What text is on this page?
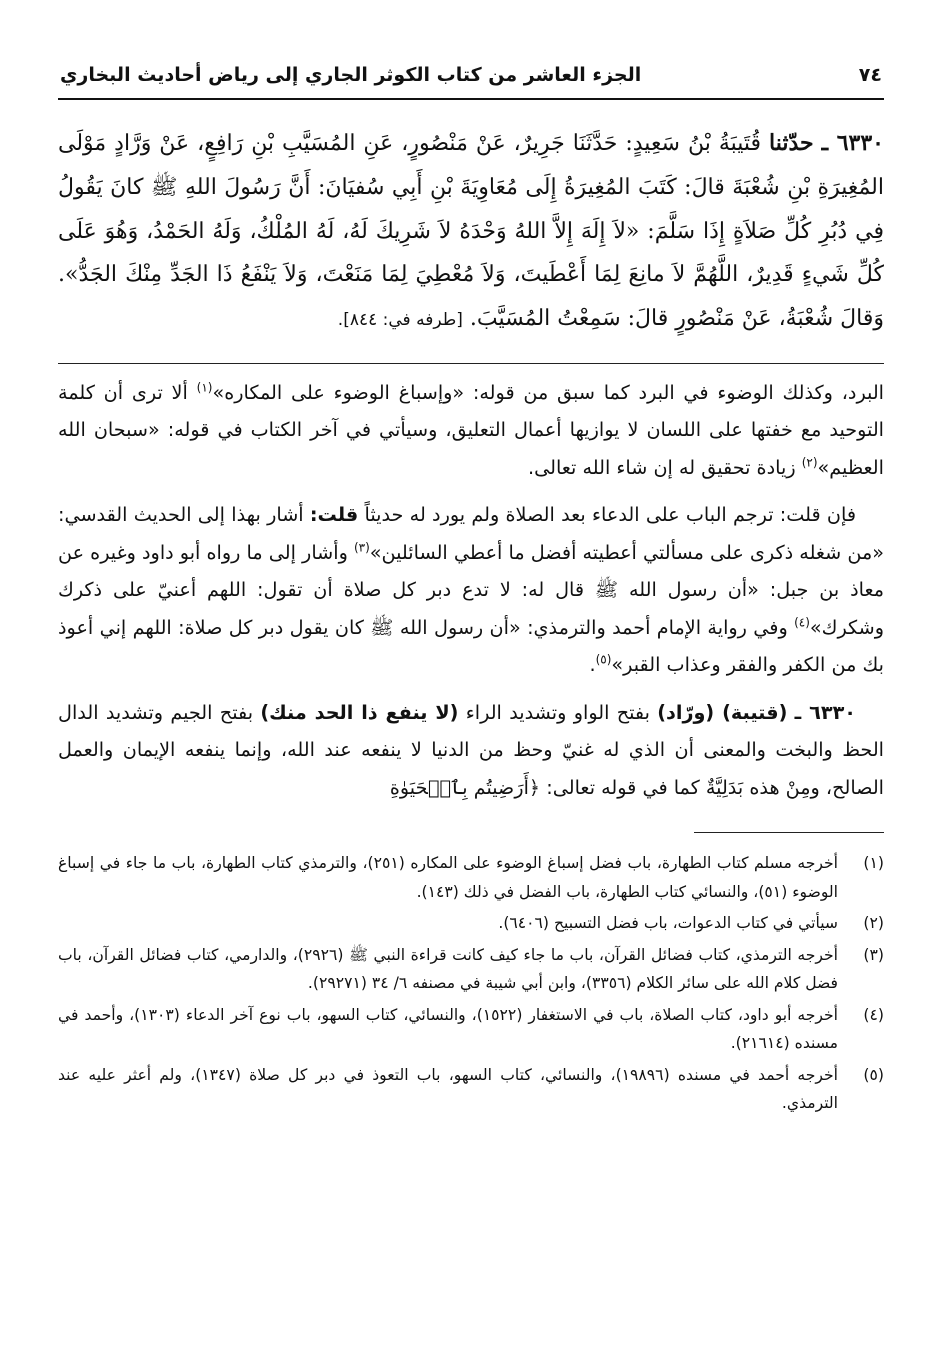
٧٤
الجزء العاشر من كتاب الكوثر الجاري إلى رياض أحاديث البخاري
٦٣٣٠ ـ حدّثنا قُتَيبَةُ بْنُ سَعِيدٍ: حَدَّثَنَا جَرِيرٌ، عَنْ مَنْصُورٍ، عَنِ المُسَيَّبِ بْنِ رَافِعٍ، عَنْ وَرَّادٍ مَوْلَى المُغِيرَةِ بْنِ شُعْبَةَ قالَ: كَتَبَ المُغِيرَةُ إِلَى مُعَاوِيَةَ بْنِ أَبِي سُفيَانَ: أَنَّ رَسُولَ اللهِ ﷺ كانَ يَقُولُ فِي دُبُرِ كُلِّ صَلاَةٍ إِذَا سَلَّمَ: «لاَ إِلَهَ إِلاَّ اللهُ وَحْدَهُ لاَ شَرِيكَ لَهُ، لَهُ المُلْكُ، وَلَهُ الحَمْدُ، وَهُوَ عَلَى كُلِّ شَيءٍ قَدِيرٌ، اللَّهُمَّ لاَ مانِعَ لِمَا أَعْطَيتَ، وَلاَ مُعْطِيَ لِمَا مَنَعْتَ، وَلاَ يَنْفَعُ ذَا الجَدِّ مِنْكَ الجَدُّ». وَقالَ شُعْبَةُ، عَنْ مَنْصُورٍ قالَ: سَمِعْتُ المُسَيَّبَ. [طرفه في: ٨٤٤].

البرد، وكذلك الوضوء في البرد كما سبق من قوله: «وإسباغ الوضوء على المكاره»$^{(١)}$ ألا ترى أن كلمة التوحيد مع خفتها على اللسان لا يوازيها أعمال التعليق، وسيأتي في آخر الكتاب في قوله: «سبحان الله العظيم»$^{(٢)}$ زيادة تحقيق له إن شاء الله تعالى.

فإن قلت: ترجم الباب على الدعاء بعد الصلاة ولم يورد له حديثاً قلت: أشار بهذا إلى الحديث القدسي: «من شغله ذكرى على مسألتي أعطيته أفضل ما أعطي السائلين»$^{(٣)}$ وأشار إلى ما رواه أبو داود وغيره عن معاذ بن جبل: «أن رسول الله ﷺ قال له: لا تدع دبر كل صلاة أن تقول: اللهم أعنيّ على ذكرك وشكرك»$^{(٤)}$ وفي رواية الإمام أحمد والترمذي: «أن رسول الله ﷺ كان يقول دبر كل صلاة: اللهم إني أعوذ بك من الكفر والفقر وعذاب القبر»$^{(٥)}$.

٦٣٣٠ ـ (قتيبة) (ورّاد) بفتح الواو وتشديد الراء (لا ينفع ذا الحد منك) بفتح الجيم وتشديد الدال الحظ والبخت والمعنى أن الذي له غنيّ وحظ من الدنيا لا ينفعه عند الله، وإنما ينفعه الإيمان والعمل الصالح، ومِنْ هذه بَدَلِيَّةٌ كما في قوله تعالى: ﴿أَرَضِيتُم بِٱلۡحَيَوٰةِ

(١)
أخرجه مسلم كتاب الطهارة، باب فضل إسباغ الوضوء على المكاره (٢٥١)، والترمذي كتاب الطهارة، باب ما جاء في إسباغ الوضوء (٥١)، والنسائي كتاب الطهارة، باب الفضل في ذلك (١٤٣).
(٢)
سيأتي في كتاب الدعوات، باب فضل التسبيح (٦٤٠٦).
(٣)
أخرجه الترمذي، كتاب فضائل القرآن، باب ما جاء كيف كانت قراءة النبي ﷺ (٢٩٢٦)، والدارمي، كتاب فضائل القرآن، باب فضل كلام الله على سائر الكلام (٣٣٥٦)، وابن أبي شيبة في مصنفه ٦/ ٣٤ (٢٩٢٧١).
(٤)
أخرجه أبو داود، كتاب الصلاة، باب في الاستغفار (١٥٢٢)، والنسائي، كتاب السهو، باب نوع آخر الدعاء (١٣٠٣)، وأحمد في مسنده (٢١٦١٤).
(٥)
أخرجه أحمد في مسنده (١٩٨٩٦)، والنسائي، كتاب السهو، باب التعوذ في دبر كل صلاة (١٣٤٧)، ولم أعثر عليه عند الترمذي.
